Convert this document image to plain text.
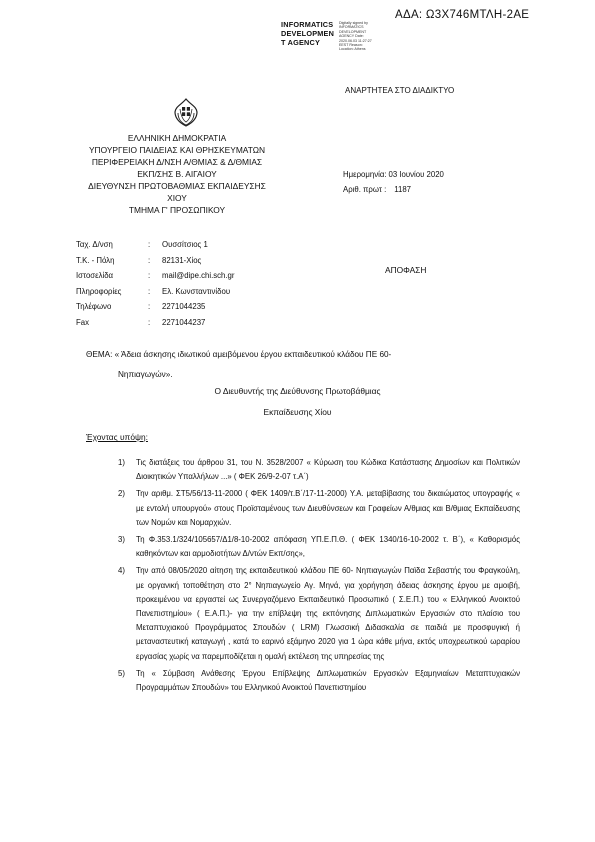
ΑΔΑ: Ω3Χ746ΜΤΛΗ-2ΑΕ
INFORMATICS
DEVELOPMEN
T AGENCY
Digitally signed by INFORMATICS DEVELOPMENT AGENCY Date: 2020.06.03 11:27:27 EEST Reason: Location: Athens
ΑΝΑΡΤΗΤΕΑ ΣΤΟ ΔΙΑΔΙΚΤΥΟ
ΕΛΛΗΝΙΚΗ ΔΗΜΟΚΡΑΤΙΑ
ΥΠΟΥΡΓΕΙΟ ΠΑΙΔΕΙΑΣ ΚΑΙ ΘΡΗΣΚΕΥΜΑΤΩΝ
ΠΕΡΙΦΕΡΕΙΑΚΗ Δ/ΝΣΗ Α/ΘΜΙΑΣ & Δ/ΘΜΙΑΣ
ΕΚΠ/ΣΗΣ Β. ΑΙΓΑΙΟΥ
ΔΙΕΥΘΥΝΣΗ ΠΡΩΤΟΒΑΘΜΙΑΣ ΕΚΠΑΙΔΕΥΣΗΣ
ΧΙΟΥ
ΤΜΗΜΑ Γ' ΠΡΟΣΩΠΙΚΟΥ
Ημερομηνία: 03 Ιουνίου 2020
Αριθ. πρωτ : 1187
Ταχ. Δ/νση	:	Ουσσίτσιος 1
Τ.Κ. - Πόλη	:	82131-Χίος
Ιστοσελίδα	:	mail@dipe.chi.sch.gr
Πληροφορίες	:	Ελ. Κωνσταντινίδου
Τηλέφωνο	:	2271044235
Fax	:	2271044237
ΑΠΟΦΑΣΗ
ΘΕΜΑ: « Άδεια άσκησης ιδιωτικού αμειβόμενου έργου εκπαιδευτικού κλάδου ΠΕ 60-
Νηπιαγωγών».
Ο Διευθυντής της Διεύθυνσης Πρωτοβάθμιας
Εκπαίδευσης Χίου
Έχοντας υπόψη:
1)	Τις διατάξεις του άρθρου 31, του Ν. 3528/2007 « Κύρωση του Κώδικα Κατάστασης Δημοσίων και Πολιτικών Διοικητικών Υπαλλήλων ...» ( ΦΕΚ 26/9-2-07 τ.Α΄)
2)	Την αριθμ. ΣΤ5/56/13-11-2000 ( ΦΕΚ 1409/τ.Β΄/17-11-2000) Υ.Α. μεταβίβασης του δικαιώματος υπογραφής « με εντολή υπουργού» στους Προϊσταμένους των Διευθύνσεων και Γραφείων Α/θμιας και Β/θμιας Εκπαίδευσης των Νομών και Νομαρχιών.
3)	Τη Φ.353.1/324/105657/Δ1/8-10-2002 απόφαση ΥΠ.Ε.Π.Θ. ( ΦΕΚ 1340/16-10-2002 τ. Β΄), « Καθορισμός καθηκόντων και αρμοδιοτήτων Δ/ντών Εκπ/σης»,
4)	Την από 08/05/2020 αίτηση της εκπαιδευτικού κλάδου ΠΕ 60- Νηπιαγωγών Παϊδα Σεβαστής του Φραγκούλη, με οργανική τοποθέτηση στο 2° Νηπιαγωγείο Αγ. Μηνά, για χορήγηση άδειας άσκησης έργου με αμοιβή, προκειμένου να εργαστεί ως Συνεργαζόμενο Εκπαιδευτικό Προσωπικό ( Σ.Ε.Π.) του « Ελληνικού Ανοικτού Πανεπιστημίου» ( Ε.Α.Π.)- για την επίβλεψη της εκπόνησης Διπλωματικών Εργασιών στο πλαίσιο του Μεταπτυχιακού Προγράμματος Σπουδών ( LRM) Γλωσσική Διδασκαλία σε παιδιά με προσφυγική ή μεταναστευτική καταγωγή , κατά το εαρινό εξάμηνο 2020 για 1 ώρα κάθε μήνα, εκτός υποχρεωτικού ωραρίου εργασίας χωρίς να παρεμποδίζεται η ομαλή εκτέλεση της υπηρεσίας της
5)	Τη « Σύμβαση Ανάθεσης Έργου Επίβλεψης Διπλωματικών Εργασιών Εξαμηνιαίων Μεταπτυχιακών Προγραμμάτων Σπουδών» του Ελληνικού Ανοικτού Πανεπιστημίου
